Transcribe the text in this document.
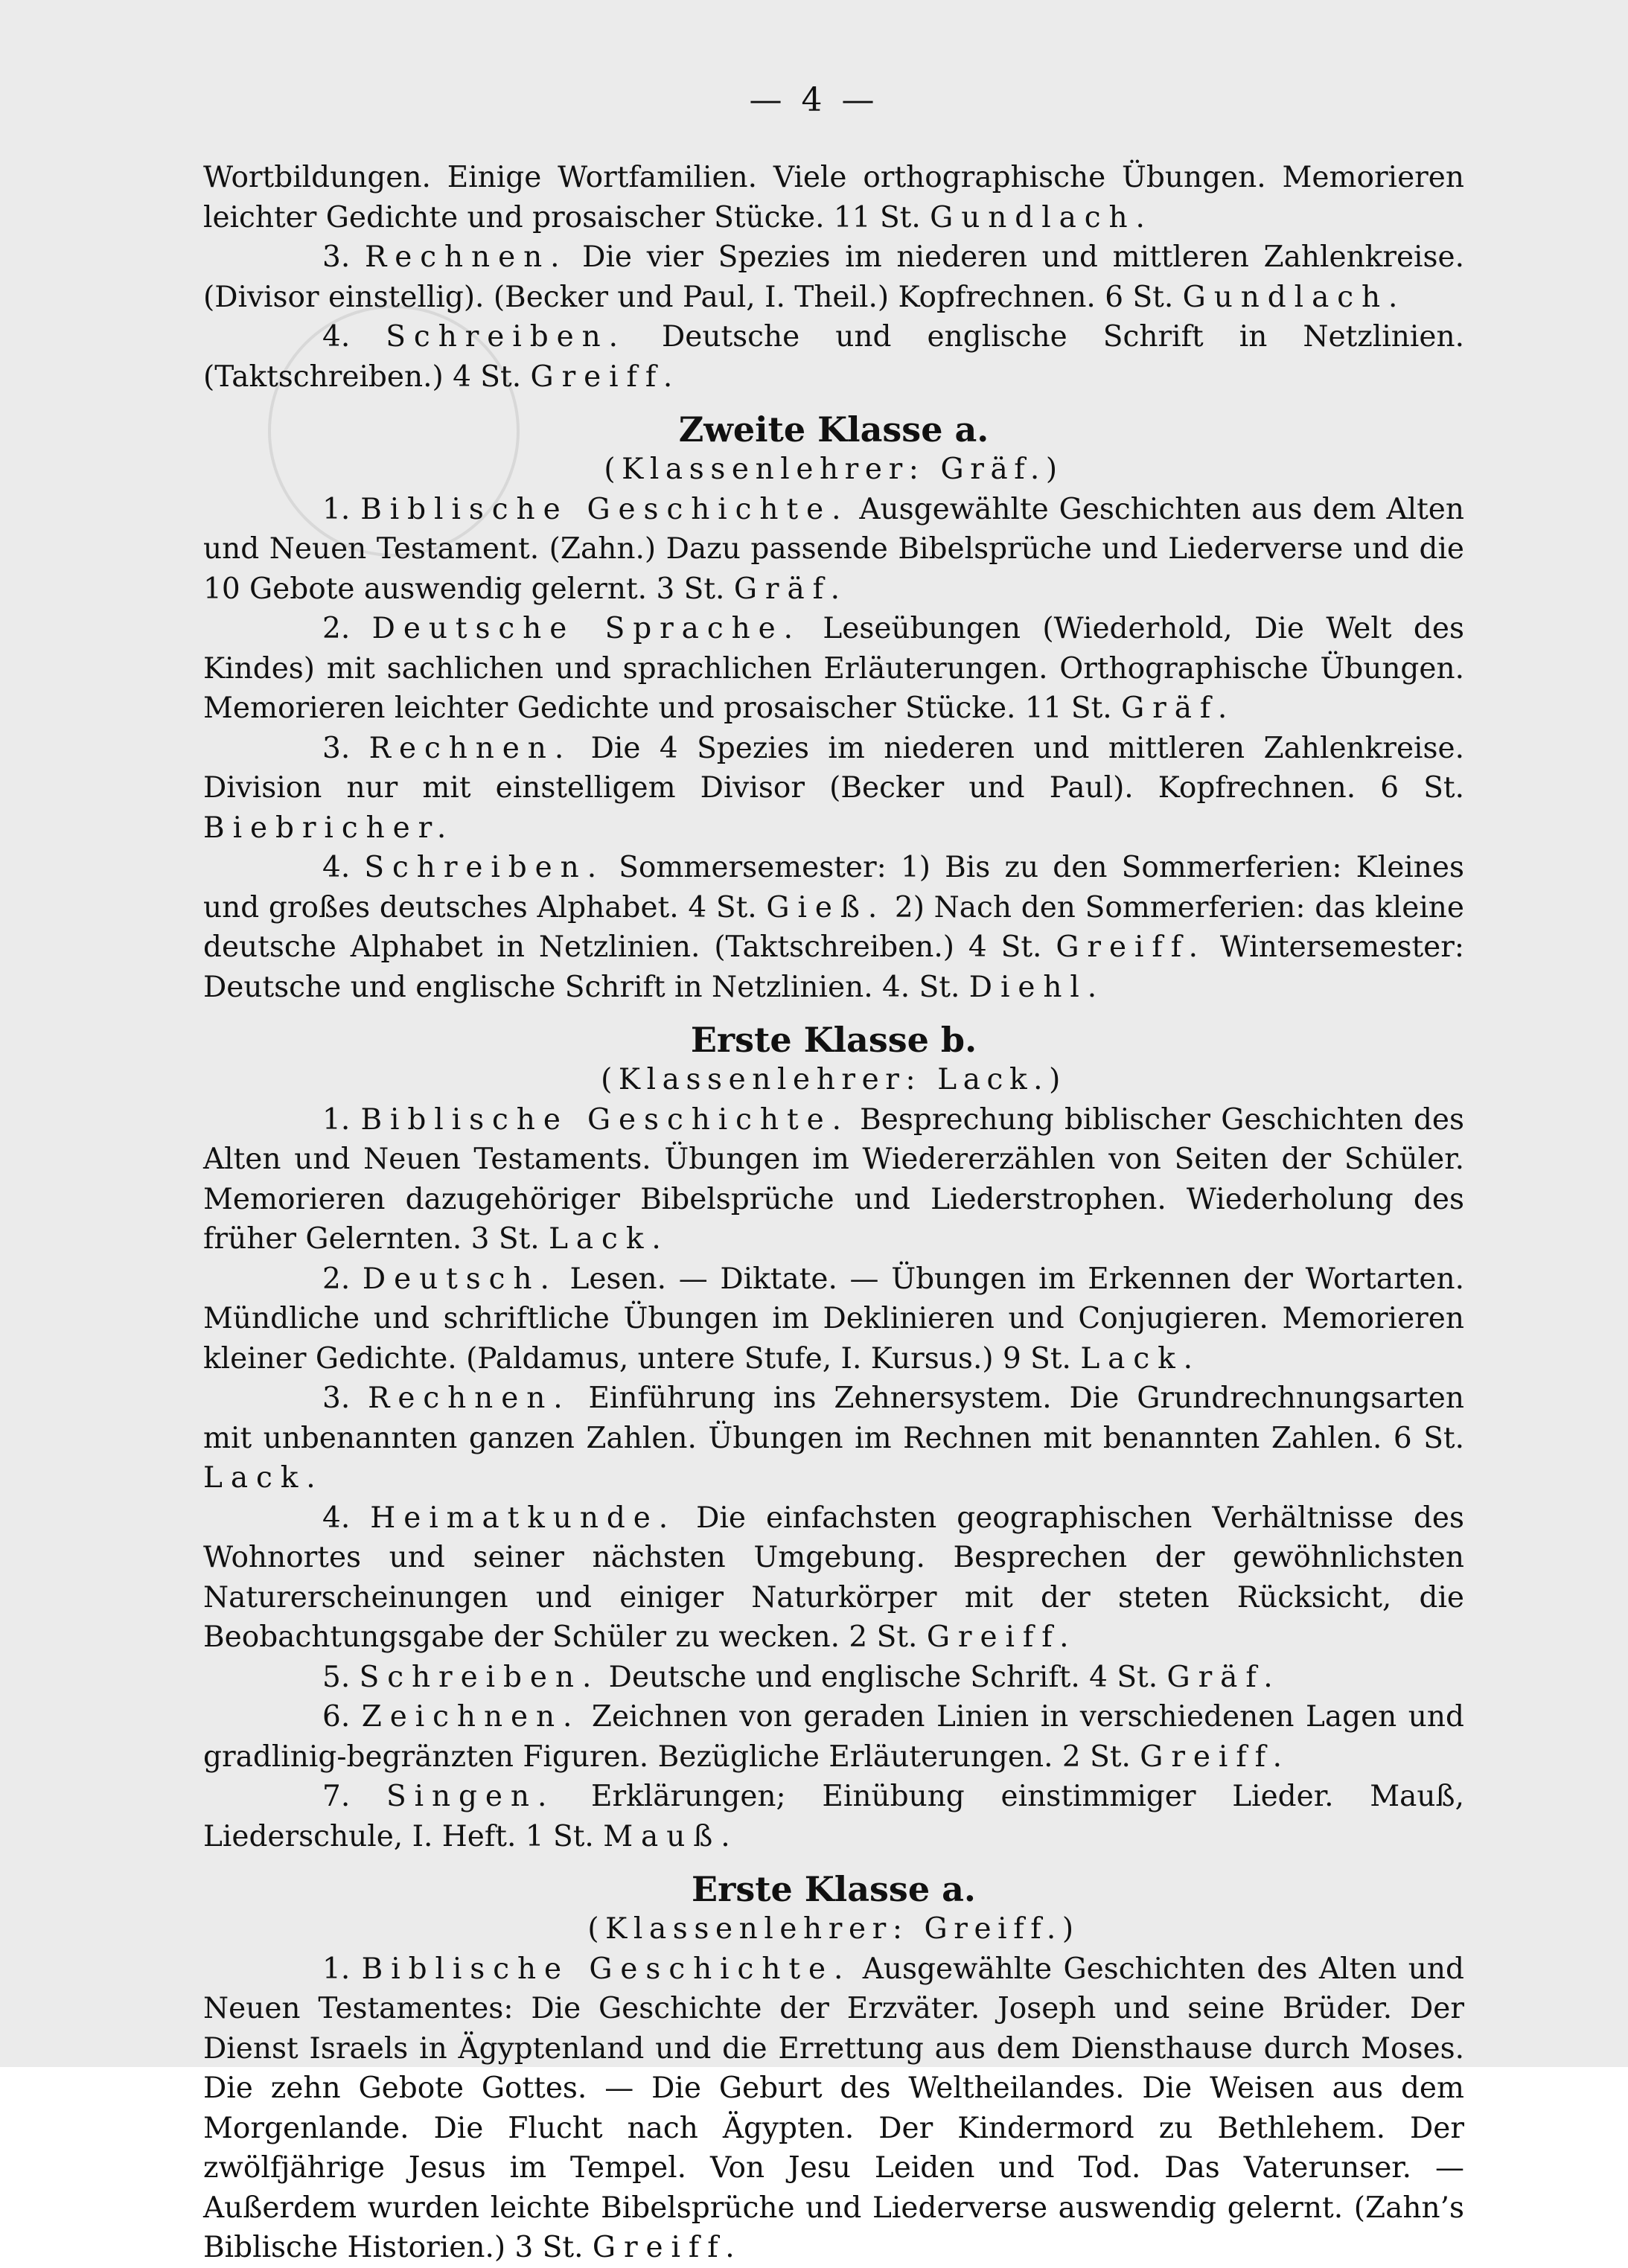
— 4 —

Wortbildungen. Einige Wortfamilien. Viele orthographische Übungen. Memorieren leichter Gedichte und prosaischer Stücke. 11 St. Gundlach.

3. Rechnen. Die vier Spezies im niederen und mittleren Zahlenkreise. (Divisor einstellig). (Becker und Paul, I. Theil.) Kopfrechnen. 6 St. Gundlach.

4. Schreiben. Deutsche und englische Schrift in Netzlinien. (Taktschreiben.) 4 St. Greiff.

Zweite Klasse a.

(Klassenlehrer: Gräf.)

1. Biblische Geschichte. Ausgewählte Geschichten aus dem Alten und Neuen Testament. (Zahn.) Dazu passende Bibelsprüche und Liederverse und die 10 Gebote auswendig gelernt. 3 St. Gräf.

2. Deutsche Sprache. Leseübungen (Wiederhold, Die Welt des Kindes) mit sachlichen und sprachlichen Erläuterungen. Orthographische Übungen. Memorieren leichter Gedichte und prosaischer Stücke. 11 St. Gräf.

3. Rechnen. Die 4 Spezies im niederen und mittleren Zahlenkreise. Division nur mit einstelligem Divisor (Becker und Paul). Kopfrechnen. 6 St. Biebricher.

4. Schreiben. Sommersemester: 1) Bis zu den Sommerferien: Kleines und großes deutsches Alphabet. 4 St. Gieß. 2) Nach den Sommerferien: das kleine deutsche Alphabet in Netzlinien. (Taktschreiben.) 4 St. Greiff. Wintersemester: Deutsche und englische Schrift in Netzlinien. 4. St. Diehl.

Erste Klasse b.

(Klassenlehrer: Lack.)

1. Biblische Geschichte. Besprechung biblischer Geschichten des Alten und Neuen Testaments. Übungen im Wiedererzählen von Seiten der Schüler. Memorieren dazugehöriger Bibelsprüche und Liederstrophen. Wiederholung des früher Gelernten. 3 St. Lack.

2. Deutsch. Lesen. — Diktate. — Übungen im Erkennen der Wortarten. Mündliche und schriftliche Übungen im Deklinieren und Conjugieren. Memorieren kleiner Gedichte. (Paldamus, untere Stufe, I. Kursus.) 9 St. Lack.

3. Rechnen. Einführung ins Zehnersystem. Die Grundrechnungsarten mit unbenannten ganzen Zahlen. Übungen im Rechnen mit benannten Zahlen. 6 St. Lack.

4. Heimatkunde. Die einfachsten geographischen Verhältnisse des Wohnortes und seiner nächsten Umgebung. Besprechen der gewöhnlichsten Naturerscheinungen und einiger Naturkörper mit der steten Rücksicht, die Beobachtungsgabe der Schüler zu wecken. 2 St. Greiff.

5. Schreiben. Deutsche und englische Schrift. 4 St. Gräf.

6. Zeichnen. Zeichnen von geraden Linien in verschiedenen Lagen und gradlinig-begränzten Figuren. Bezügliche Erläuterungen. 2 St. Greiff.

7. Singen. Erklärungen; Einübung einstimmiger Lieder. Mauß, Liederschule, I. Heft. 1 St. Mauß.

Erste Klasse a.

(Klassenlehrer: Greiff.)

1. Biblische Geschichte. Ausgewählte Geschichten des Alten und Neuen Testamentes: Die Geschichte der Erzväter. Joseph und seine Brüder. Der Dienst Israels in Ägyptenland und die Errettung aus dem Diensthause durch Moses. Die zehn Gebote Gottes. — Die Geburt des Weltheilandes. Die Weisen aus dem Morgenlande. Die Flucht nach Ägypten. Der Kindermord zu Bethlehem. Der zwölfjährige Jesus im Tempel. Von Jesu Leiden und Tod. Das Vaterunser. — Außerdem wurden leichte Bibelsprüche und Liederverse auswendig gelernt. (Zahn’s Biblische Historien.) 3 St. Greiff.
